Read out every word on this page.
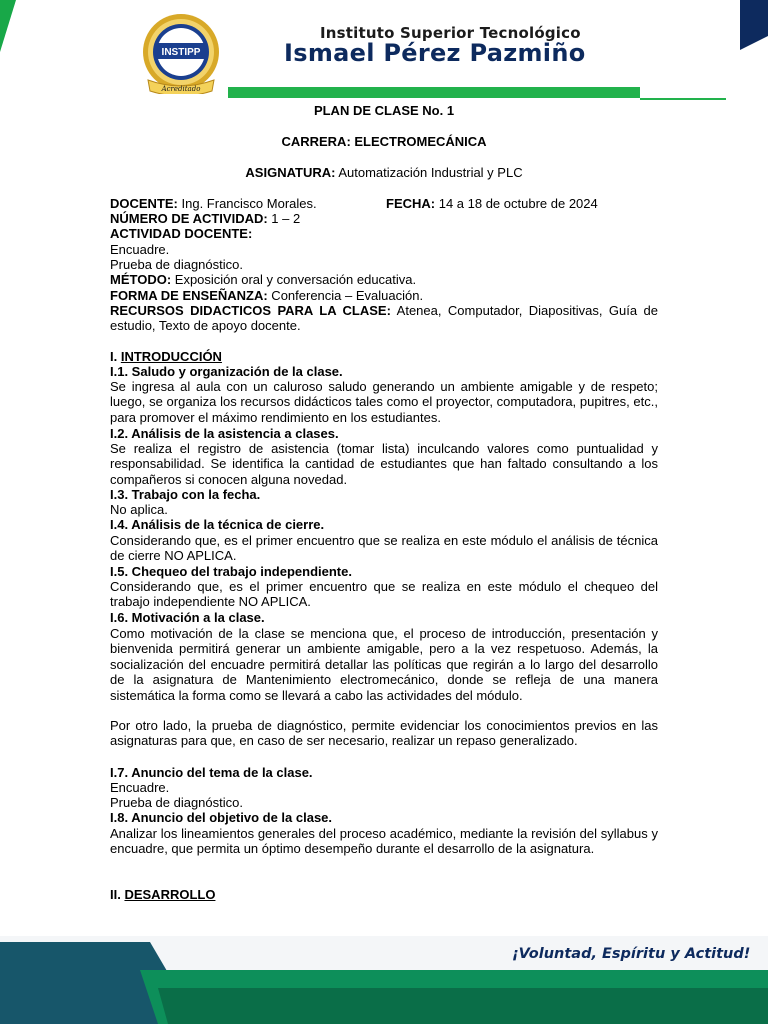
INSTIPP
Acreditado
Instituto Superior Tecnológico
Ismael Pérez Pazmiño
PLAN DE CLASE No. 1
CARRERA: ELECTROMECÁNICA
ASIGNATURA: Automatización Industrial y PLC
DOCENTE: Ing. Francisco Morales.	FECHA: 14 a 18 de octubre de 2024
NÚMERO DE ACTIVIDAD: 1 – 2
ACTIVIDAD DOCENTE:
Encuadre.
Prueba de diagnóstico.
MÉTODO: Exposición oral y conversación educativa.
FORMA DE ENSEÑANZA: Conferencia – Evaluación.
RECURSOS DIDACTICOS PARA LA CLASE: Atenea, Computador, Diapositivas, Guía de estudio, Texto de apoyo docente.
I. INTRODUCCIÓN
I.1. Saludo y organización de la clase.
Se ingresa al aula con un caluroso saludo generando un ambiente amigable y de respeto; luego, se organiza los recursos didácticos tales como el proyector, computadora, pupitres, etc., para promover el máximo rendimiento en los estudiantes.
I.2. Análisis de la asistencia a clases.
Se realiza el registro de asistencia (tomar lista) inculcando valores como puntualidad y responsabilidad. Se identifica la cantidad de estudiantes que han faltado consultando a los compañeros si conocen alguna novedad.
I.3. Trabajo con la fecha.
No aplica.
I.4. Análisis de la técnica de cierre.
Considerando que, es el primer encuentro que se realiza en este módulo el análisis de técnica de cierre NO APLICA.
I.5. Chequeo del trabajo independiente.
Considerando que, es el primer encuentro que se realiza en este módulo el chequeo del trabajo independiente NO APLICA.
I.6. Motivación a la clase.
Como motivación de la clase se menciona que, el proceso de introducción, presentación y bienvenida permitirá generar un ambiente amigable, pero a la vez respetuoso. Además, la socialización del encuadre permitirá detallar las políticas que regirán a lo largo del desarrollo de la asignatura de Mantenimiento electromecánico, donde se refleja de una manera sistemática la forma como se llevará a cabo las actividades del módulo.
Por otro lado, la prueba de diagnóstico, permite evidenciar los conocimientos previos en las asignaturas para que, en caso de ser necesario, realizar un repaso generalizado.
I.7. Anuncio del tema de la clase.
Encuadre.
Prueba de diagnóstico.
I.8. Anuncio del objetivo de la clase.
Analizar los lineamientos generales del proceso académico, mediante la revisión del syllabus y encuadre, que permita un óptimo desempeño durante el desarrollo de la asignatura.
II. DESARROLLO
¡Voluntad, Espíritu y Actitud!
